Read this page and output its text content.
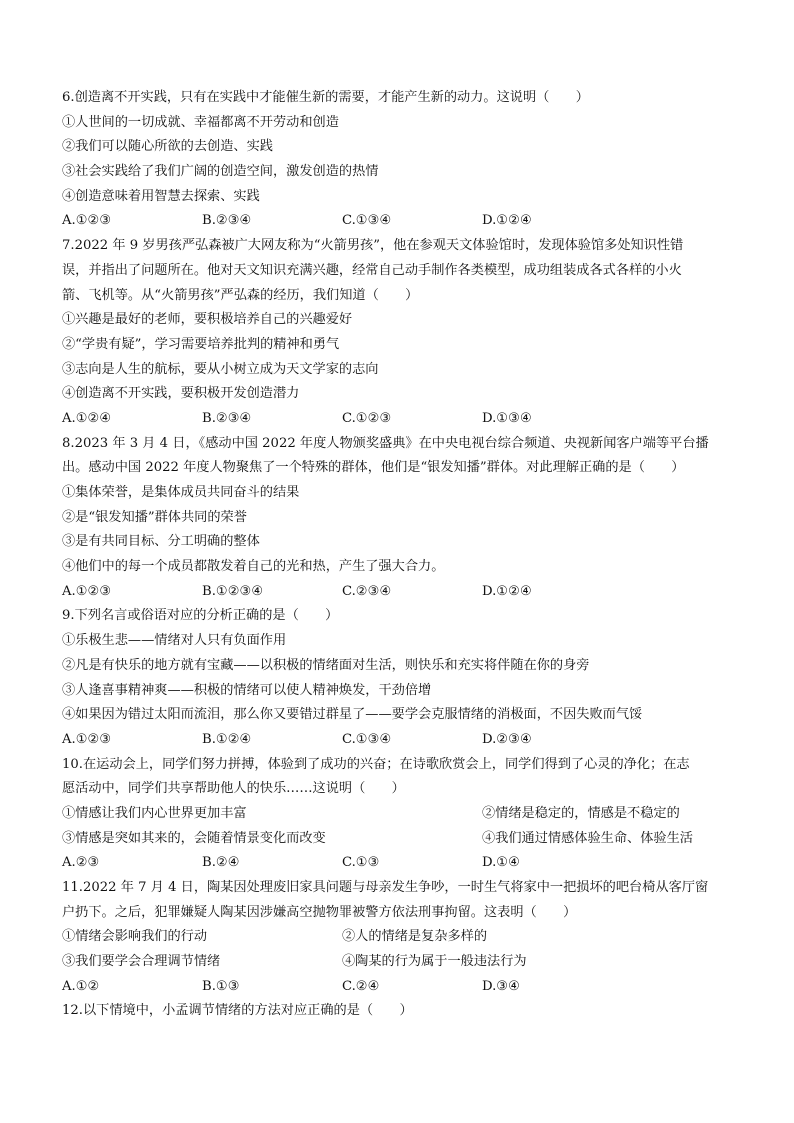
6.创造离不开实践，只有在实践中才能催生新的需要，才能产生新的动力。这说明（　　）
①人世间的一切成就、幸福都离不开劳动和创造
②我们可以随心所欲的去创造、实践
③社会实践给了我们广阔的创造空间，激发创造的热情
④创造意味着用智慧去探索、实践
A.①②③	B.②③④	C.①③④	D.①②④
7.2022 年 9 岁男孩严弘森被广大网友称为“火箭男孩”，他在参观天文体验馆时，发现体验馆多处知识性错
误，并指出了问题所在。他对天文知识充满兴趣，经常自己动手制作各类模型，成功组装成各式各样的小火
箭、飞机等。从“火箭男孩”严弘森的经历，我们知道（　　）
①兴趣是最好的老师，要积极培养自己的兴趣爱好
②“学贵有疑”，学习需要培养批判的精神和勇气
③志向是人生的航标，要从小树立成为天文学家的志向
④创造离不开实践，要积极开发创造潜力
A.①②④	B.②③④	C.①②③	D.①③④
8.2023 年 3 月 4 日，《感动中国 2022 年度人物颁奖盛典》在中央电视台综合频道、央视新闻客户端等平台播
出。感动中国 2022 年度人物聚焦了一个特殊的群体，他们是“银发知播”群体。对此理解正确的是（　　）
①集体荣誉，是集体成员共同奋斗的结果
②是“银发知播”群体共同的荣誉
③是有共同目标、分工明确的整体
④他们中的每一个成员都散发着自己的光和热，产生了强大合力。
A.①②③	B.①②③④	C.②③④	D.①②④
9.下列名言或俗语对应的分析正确的是（　　）
①乐极生悲——情绪对人只有负面作用
②凡是有快乐的地方就有宝藏——以积极的情绪面对生活，则快乐和充实将伴随在你的身旁
③人逢喜事精神爽——积极的情绪可以使人精神焕发，干劲倍增
④如果因为错过太阳而流泪，那么你又要错过群星了——要学会克服情绪的消极面，不因失败而气馁
A.①②③	B.①②④	C.①③④	D.②③④
10.在运动会上，同学们努力拼搏，体验到了成功的兴奋；在诗歌欣赏会上，同学们得到了心灵的净化；在志
愿活动中，同学们共享帮助他人的快乐……这说明（　　）
①情感让我们内心世界更加丰富	②情绪是稳定的，情感是不稳定的
③情感是突如其来的，会随着情景变化而改变	④我们通过情感体验生命、体验生活
A.②③	B.②④	C.①③	D.①④
11.2022 年 7 月 4 日，陶某因处理废旧家具问题与母亲发生争吵，一时生气将家中一把损坏的吧台椅从客厅窗
户扔下。之后，犯罪嫌疑人陶某因涉嫌高空抛物罪被警方依法刑事拘留。这表明（　　）
①情绪会影响我们的行动	②人的情绪是复杂多样的
③我们要学会合理调节情绪	④陶某的行为属于一般违法行为
A.①②	B.①③	C.②④	D.③④
12.以下情境中，小孟调节情绪的方法对应正确的是（　　）
